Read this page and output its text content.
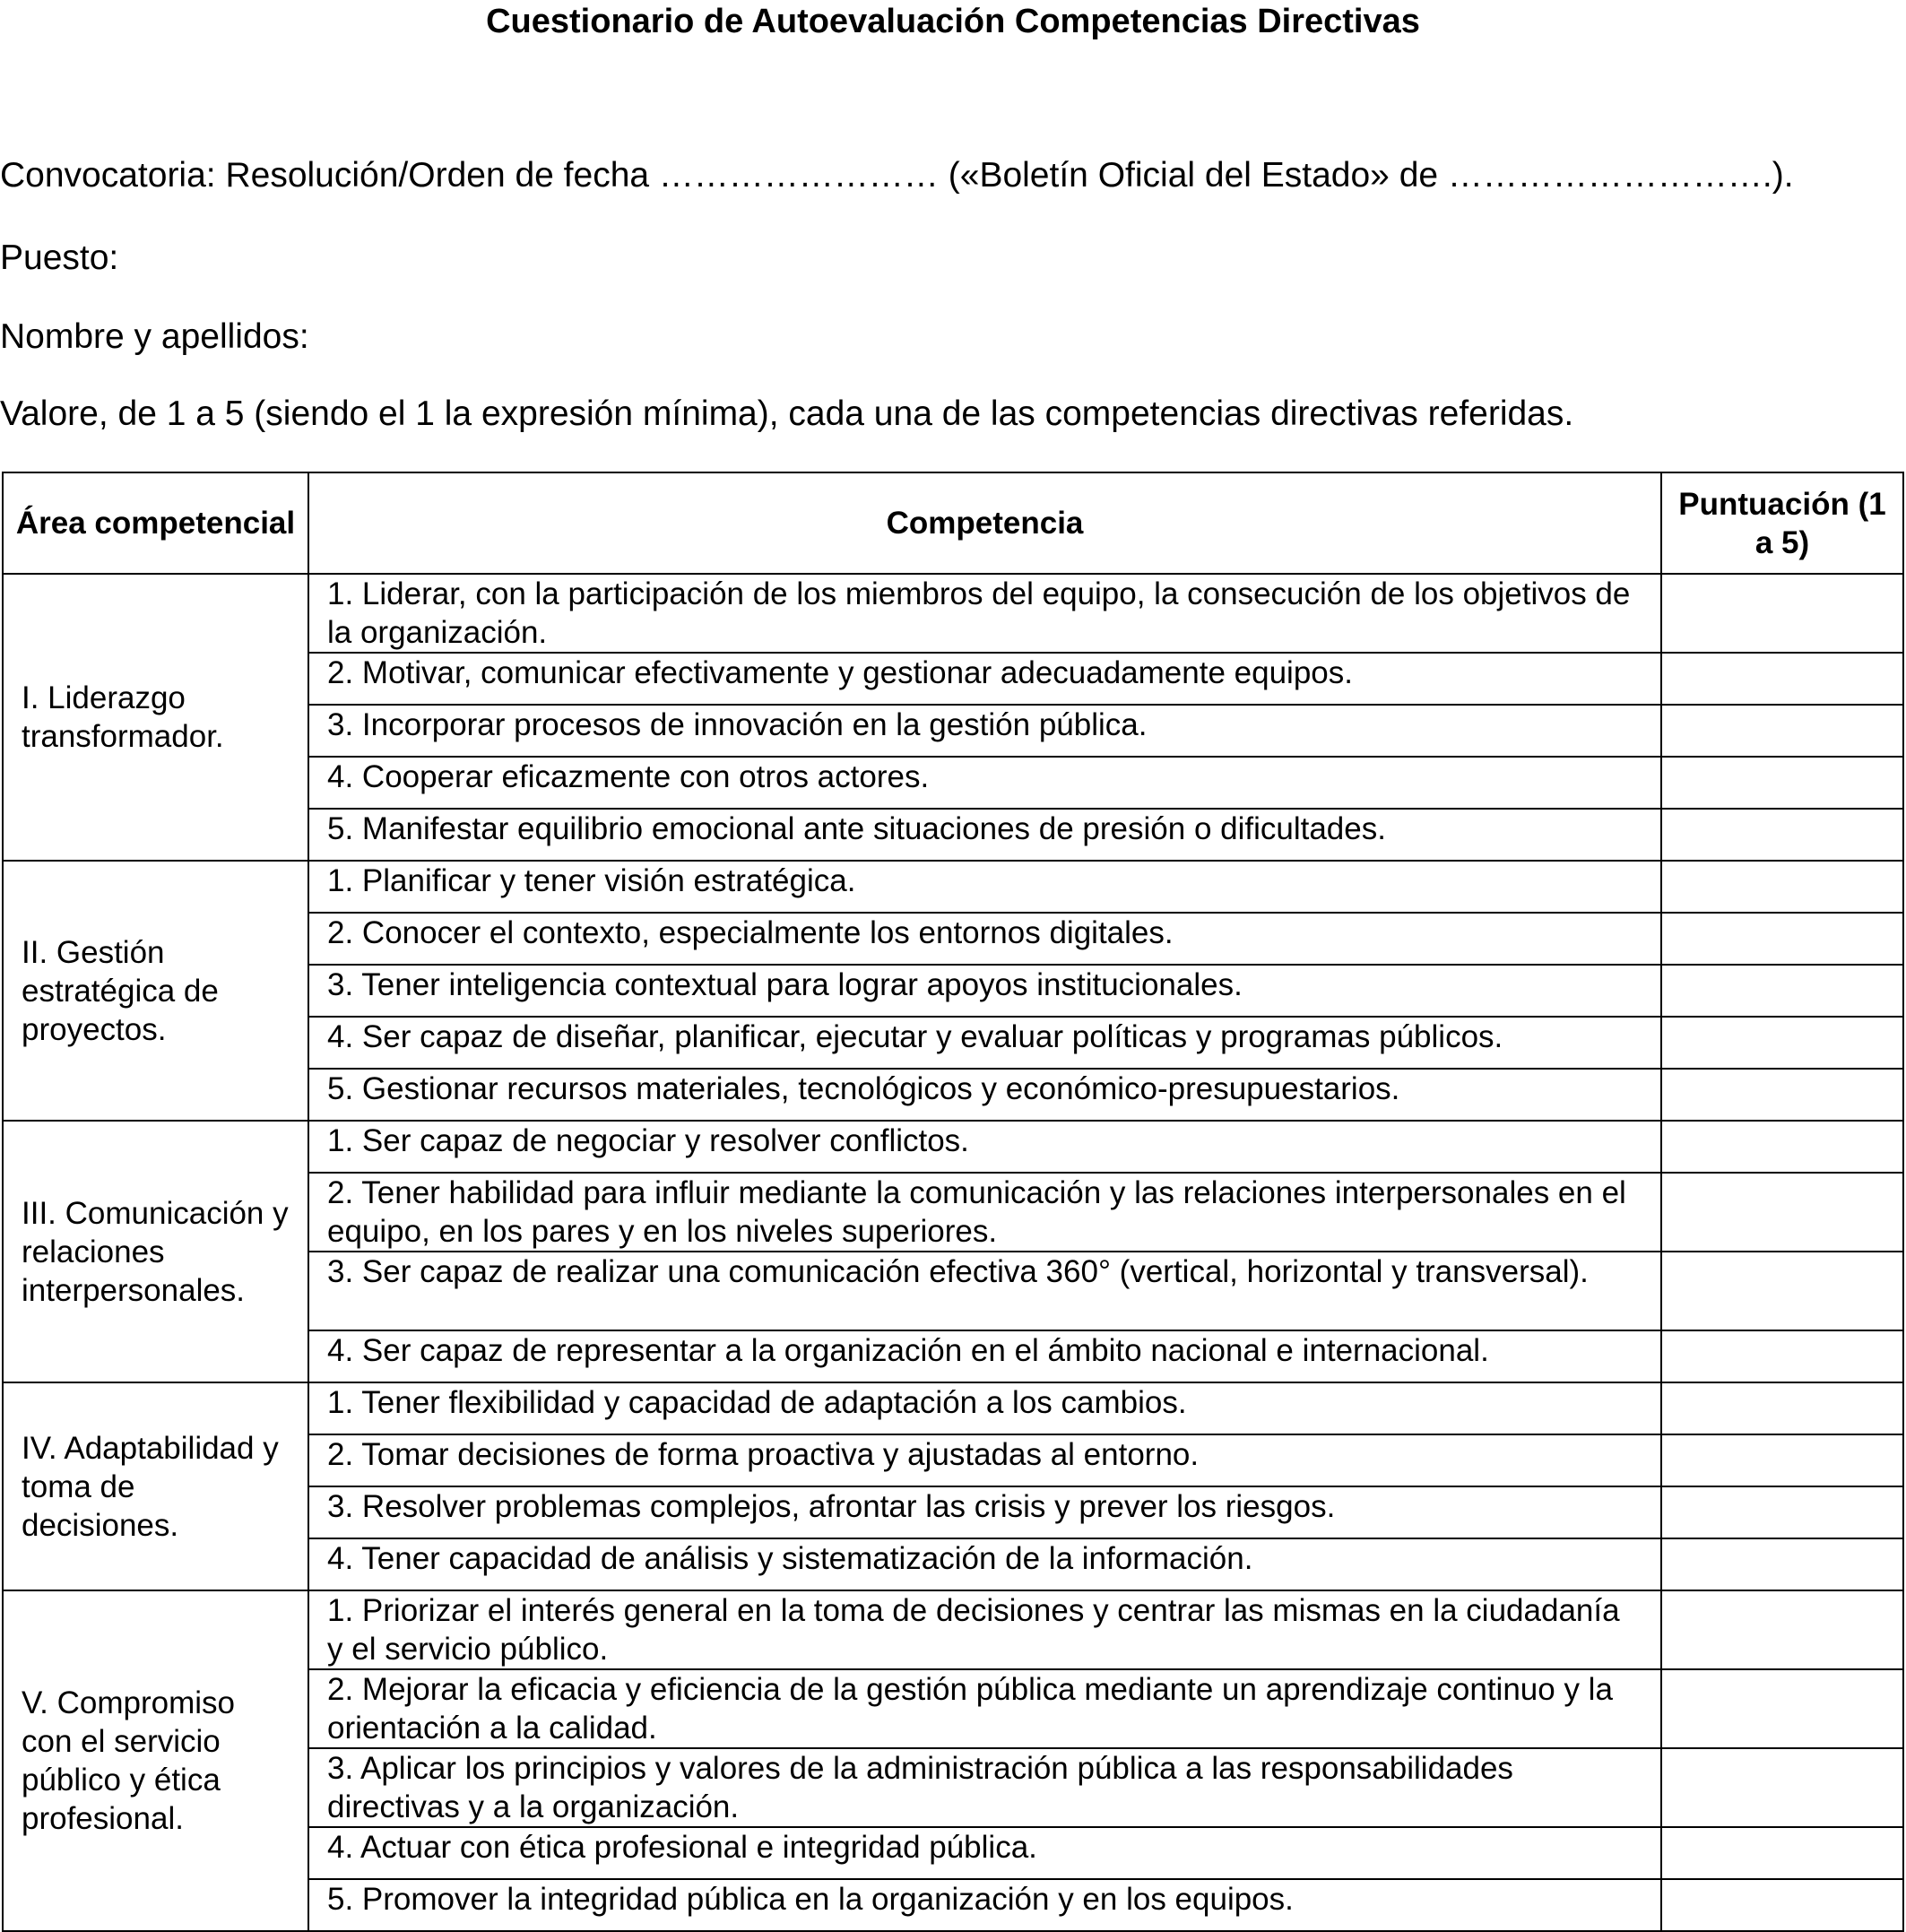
Cuestionario de Autoevaluación Competencias Directivas
Convocatoria: Resolución/Orden de fecha …………………… («Boletín Oficial del Estado» de ……………………….).
Puesto:
Nombre y apellidos:
Valore, de 1 a 5 (siendo el 1 la expresión mínima), cada una de las competencias directivas referidas.
Área competencial	Competencia	Puntuación (1 a 5)
I. Liderazgo transformador.	1. Liderar, con la participación de los miembros del equipo, la consecución de los objetivos de la organización.	
	2. Motivar, comunicar efectivamente y gestionar adecuadamente equipos.	
	3. Incorporar procesos de innovación en la gestión pública.	
	4. Cooperar eficazmente con otros actores.	
	5. Manifestar equilibrio emocional ante situaciones de presión o dificultades.	
II. Gestión estratégica de proyectos.	1. Planificar y tener visión estratégica.	
	2. Conocer el contexto, especialmente los entornos digitales.	
	3. Tener inteligencia contextual para lograr apoyos institucionales.	
	4. Ser capaz de diseñar, planificar, ejecutar y evaluar políticas y programas públicos.	
	5. Gestionar recursos materiales, tecnológicos y económico-presupuestarios.	
III. Comunicación y relaciones interpersonales.	1. Ser capaz de negociar y resolver conflictos.	
	2. Tener habilidad para influir mediante la comunicación y las relaciones interpersonales en el equipo, en los pares y en los niveles superiores.	
	3. Ser capaz de realizar una comunicación efectiva 360° (vertical, horizontal y transversal).	
	4. Ser capaz de representar a la organización en el ámbito nacional e internacional.	
IV. Adaptabilidad y toma de decisiones.	1. Tener flexibilidad y capacidad de adaptación a los cambios.	
	2. Tomar decisiones de forma proactiva y ajustadas al entorno.	
	3. Resolver problemas complejos, afrontar las crisis y prever los riesgos.	
	4. Tener capacidad de análisis y sistematización de la información.	
V. Compromiso con el servicio público y ética profesional.	1. Priorizar el interés general en la toma de decisiones y centrar las mismas en la ciudadanía y el servicio público.	
	2. Mejorar la eficacia y eficiencia de la gestión pública mediante un aprendizaje continuo y la orientación a la calidad.	
	3. Aplicar los principios y valores de la administración pública a las responsabilidades directivas y a la organización.	
	4. Actuar con ética profesional e integridad pública.	
	5. Promover la integridad pública en la organización y en los equipos.	
